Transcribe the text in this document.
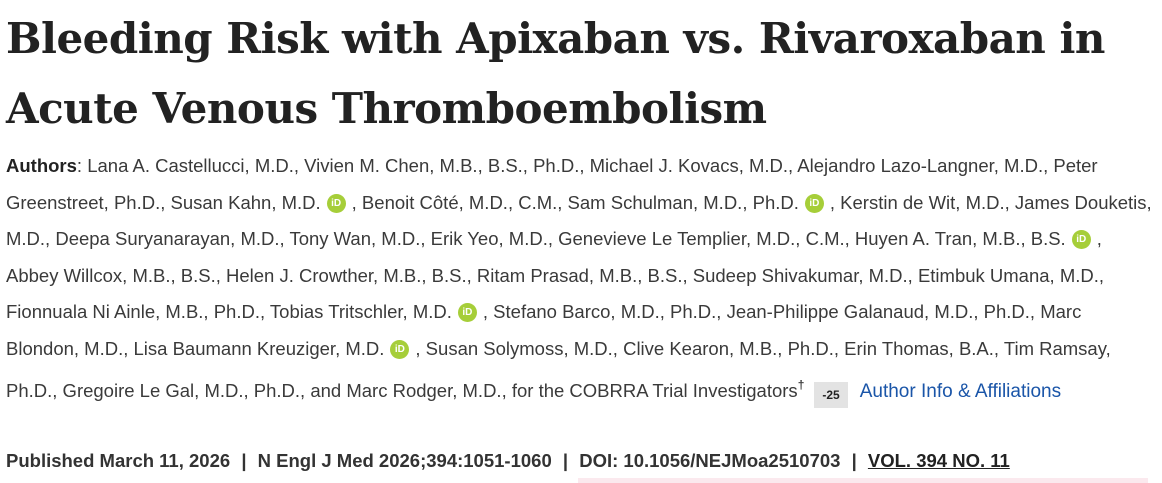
Bleeding Risk with Apixaban vs. Rivaroxaban in Acute Venous Thromboembolism
Authors: Lana A. Castellucci, M.D., Vivien M. Chen, M.B., B.S., Ph.D., Michael J. Kovacs, M.D., Alejandro Lazo-Langner, M.D., Peter Greenstreet, Ph.D., Susan Kahn, M.D. iD , Benoit Côté, M.D., C.M., Sam Schulman, M.D., Ph.D. iD , Kerstin de Wit, M.D., James Douketis, M.D., Deepa Suryanarayan, M.D., Tony Wan, M.D., Erik Yeo, M.D., Genevieve Le Templier, M.D., C.M., Huyen A. Tran, M.B., B.S. iD , Abbey Willcox, M.B., B.S., Helen J. Crowther, M.B., B.S., Ritam Prasad, M.B., B.S., Sudeep Shivakumar, M.D., Etimbuk Umana, M.D., Fionnuala Ni Ainle, M.B., Ph.D., Tobias Tritschler, M.D. iD , Stefano Barco, M.D., Ph.D., Jean-Philippe Galanaud, M.D., Ph.D., Marc Blondon, M.D., Lisa Baumann Kreuziger, M.D. iD , Susan Solymoss, M.D., Clive Kearon, M.B., Ph.D., Erin Thomas, B.A., Tim Ramsay, Ph.D., Gregoire Le Gal, M.D., Ph.D., and Marc Rodger, M.D., for the COBRRA Trial Investigators†-25 Author Info & Affiliations
Published March 11, 2026 | N Engl J Med 2026;394:1051-1060 | DOI: 10.1056/NEJMoa2510703 | VOL. 394 NO. 11
